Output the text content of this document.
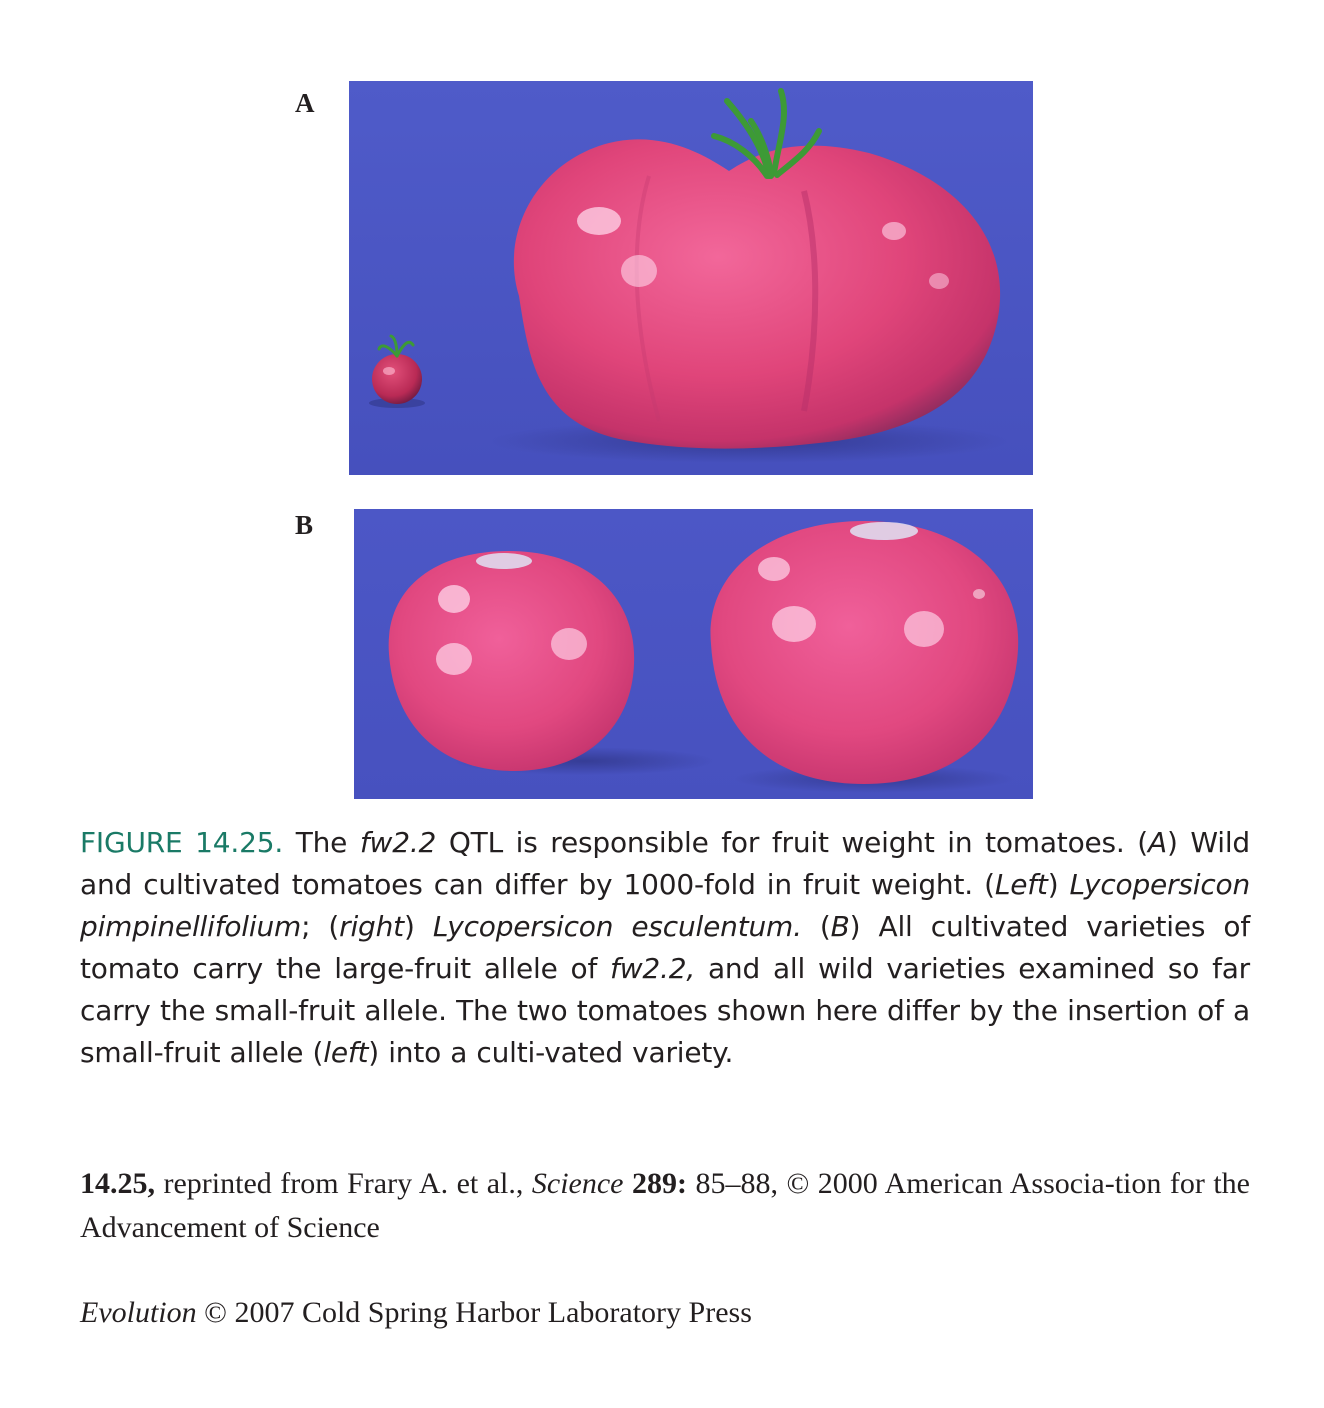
A
B
FIGURE 14.25. The fw2.2 QTL is responsible for fruit weight in tomatoes. (A) Wild and cultivated tomatoes can differ by 1000-fold in fruit weight. (Left) Lycopersicon pimpinellifolium; (right) Lycopersicon esculentum. (B) All cultivated varieties of tomato carry the large-fruit allele of fw2.2, and all wild varieties examined so far carry the small-fruit allele. The two tomatoes shown here differ by the insertion of a small-fruit allele (left) into a culti-vated variety.
14.25, reprinted from Frary A. et al., Science 289: 85–88, © 2000 American Associa-tion for the Advancement of Science
Evolution © 2007 Cold Spring Harbor Laboratory Press
